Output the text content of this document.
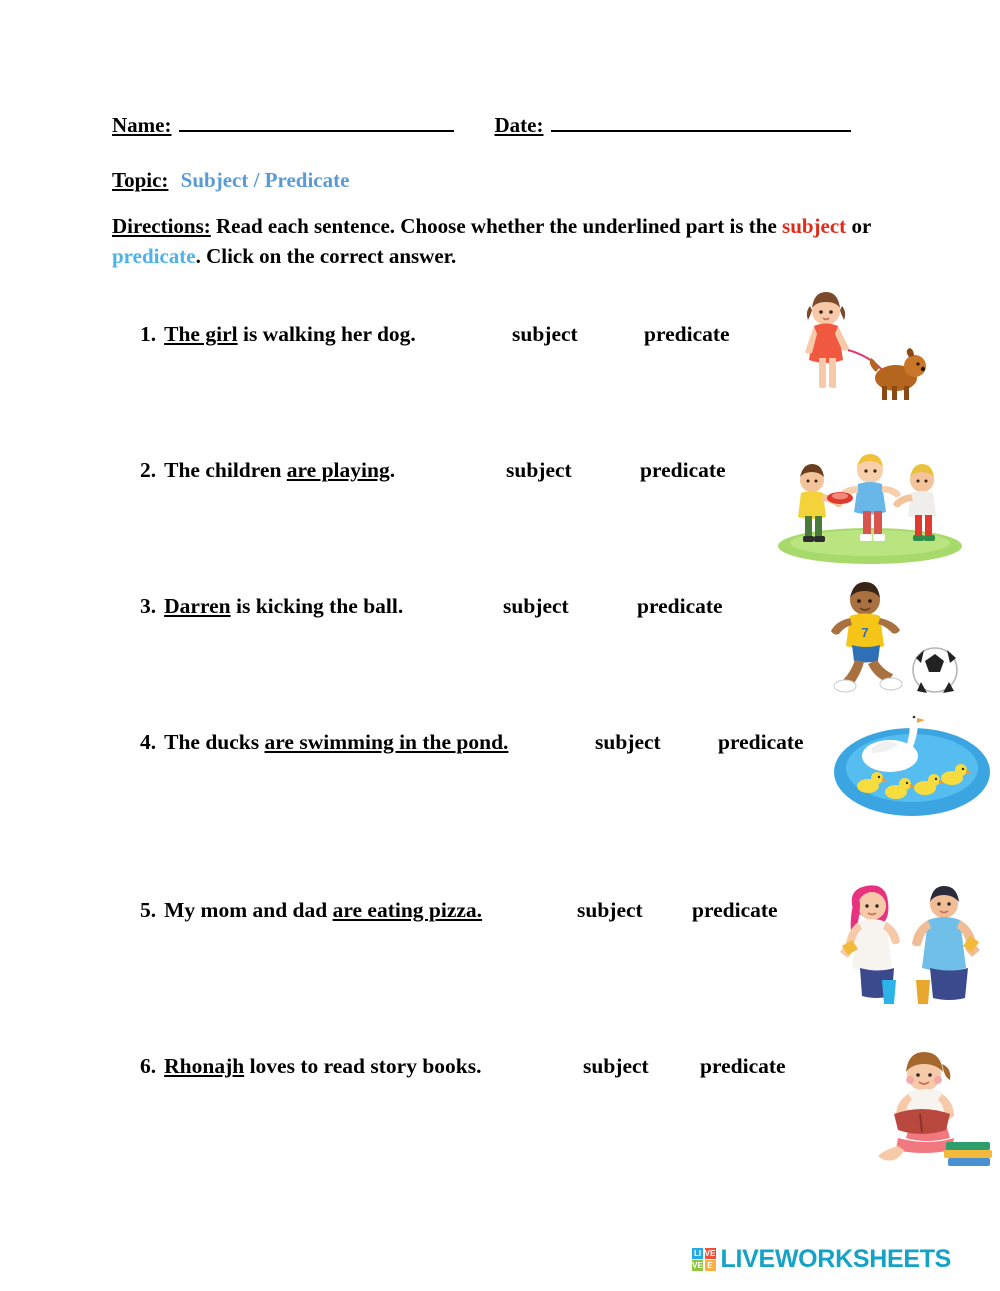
Name:	Date:
Topic: Subject / Predicate
Directions: Read each sentence. Choose whether the underlined part is the subject or predicate. Click on the correct answer.
1. The girl is walking her dog.	subject	predicate
2. The children are playing.	subject	predicate
3. Darren is kicking the ball.	subject	predicate
7
4. The ducks are swimming in the pond.	subject	predicate
5. My mom and dad are eating pizza.	subject predicate
6. Rhonajh loves to read story books.	subject predicate
LI VE
VE E LIVEWORKSHEETS
